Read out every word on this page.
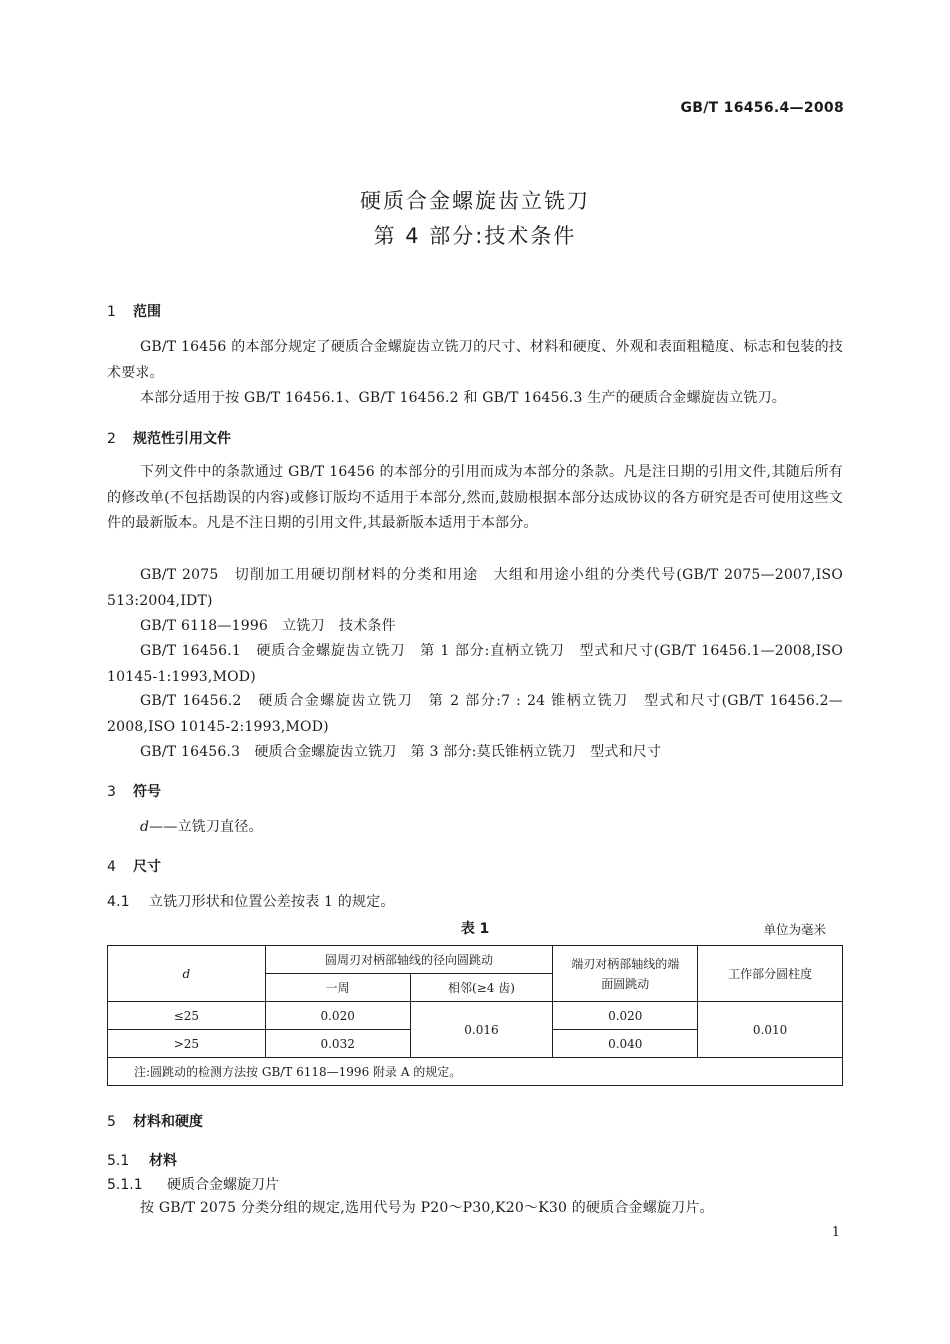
GB/T 16456.4—2008
硬质合金螺旋齿立铣刀
第 4 部分:技术条件
1 范围
GB/T 16456 的本部分规定了硬质合金螺旋齿立铣刀的尺寸、材料和硬度、外观和表面粗糙度、标志和包装的技术要求。
本部分适用于按 GB/T 16456.1、GB/T 16456.2 和 GB/T 16456.3 生产的硬质合金螺旋齿立铣刀。
2 规范性引用文件
下列文件中的条款通过 GB/T 16456 的本部分的引用而成为本部分的条款。凡是注日期的引用文件,其随后所有的修改单(不包括勘误的内容)或修订版均不适用于本部分,然而,鼓励根据本部分达成协议的各方研究是否可使用这些文件的最新版本。凡是不注日期的引用文件,其最新版本适用于本部分。
GB/T 2075　切削加工用硬切削材料的分类和用途　大组和用途小组的分类代号(GB/T 2075—2007,ISO 513:2004,IDT)
GB/T 6118—1996　立铣刀　技术条件
GB/T 16456.1　硬质合金螺旋齿立铣刀　第 1 部分:直柄立铣刀　型式和尺寸(GB/T 16456.1—2008,ISO 10145-1:1993,MOD)
GB/T 16456.2　硬质合金螺旋齿立铣刀　第 2 部分:7 : 24 锥柄立铣刀　型式和尺寸(GB/T 16456.2—2008,ISO 10145-2:1993,MOD)
GB/T 16456.3　硬质合金螺旋齿立铣刀　第 3 部分:莫氏锥柄立铣刀　型式和尺寸
3 符号
d——立铣刀直径。
4 尺寸
4.1 立铣刀形状和位置公差按表 1 的规定。
表 1	单位为毫米
d	圆周刃对柄部轴线的径向圆跳动		端刃对柄部轴线的端面圆跳动	工作部分圆柱度
	一周	相邻(≥4 齿)		
≤25	0.020	0.016	0.020	0.010
>25	0.032		0.040	
注:圆跳动的检测方法按 GB/T 6118—1996 附录 A 的规定。				
5 材料和硬度
5.1 材料
5.1.1 硬质合金螺旋刀片
按 GB/T 2075 分类分组的规定,选用代号为 P20～P30,K20～K30 的硬质合金螺旋刀片。
1
